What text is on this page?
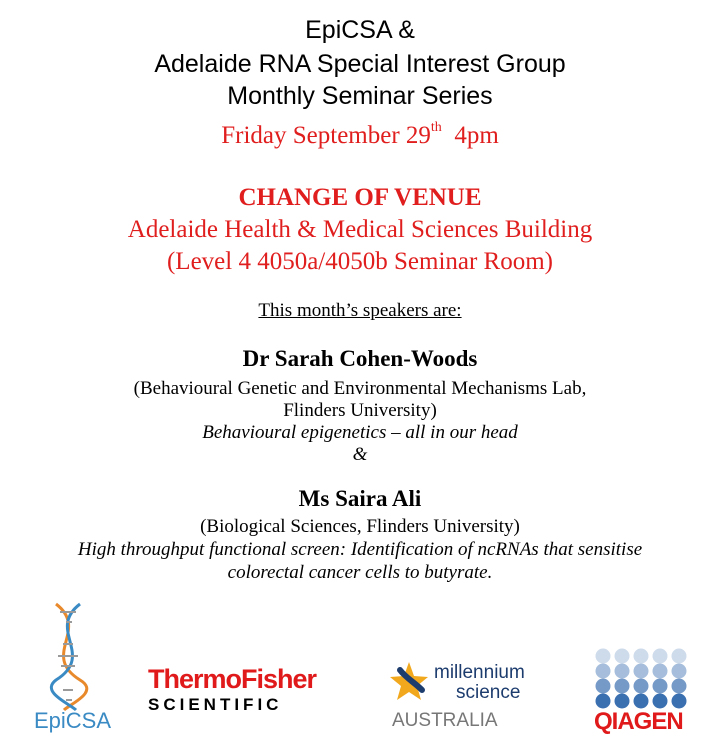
EpiCSA &
Adelaide RNA Special Interest Group
Monthly Seminar Series
Friday September 29th 4pm
CHANGE OF VENUE
Adelaide Health & Medical Sciences Building
(Level 4 4050a/4050b Seminar Room)
This month’s speakers are:
Dr Sarah Cohen-Woods
(Behavioural Genetic and Environmental Mechanisms Lab,
Flinders University)
Behavioural epigenetics – all in our head
&
Ms Saira Ali
(Biological Sciences, Flinders University)
High throughput functional screen: Identification of ncRNAs that sensitise
colorectal cancer cells to butyrate.
EpiCSA
ThermoFisher
SCIENTIFIC
millennium
science
AUSTRALIA	QIAGEN
